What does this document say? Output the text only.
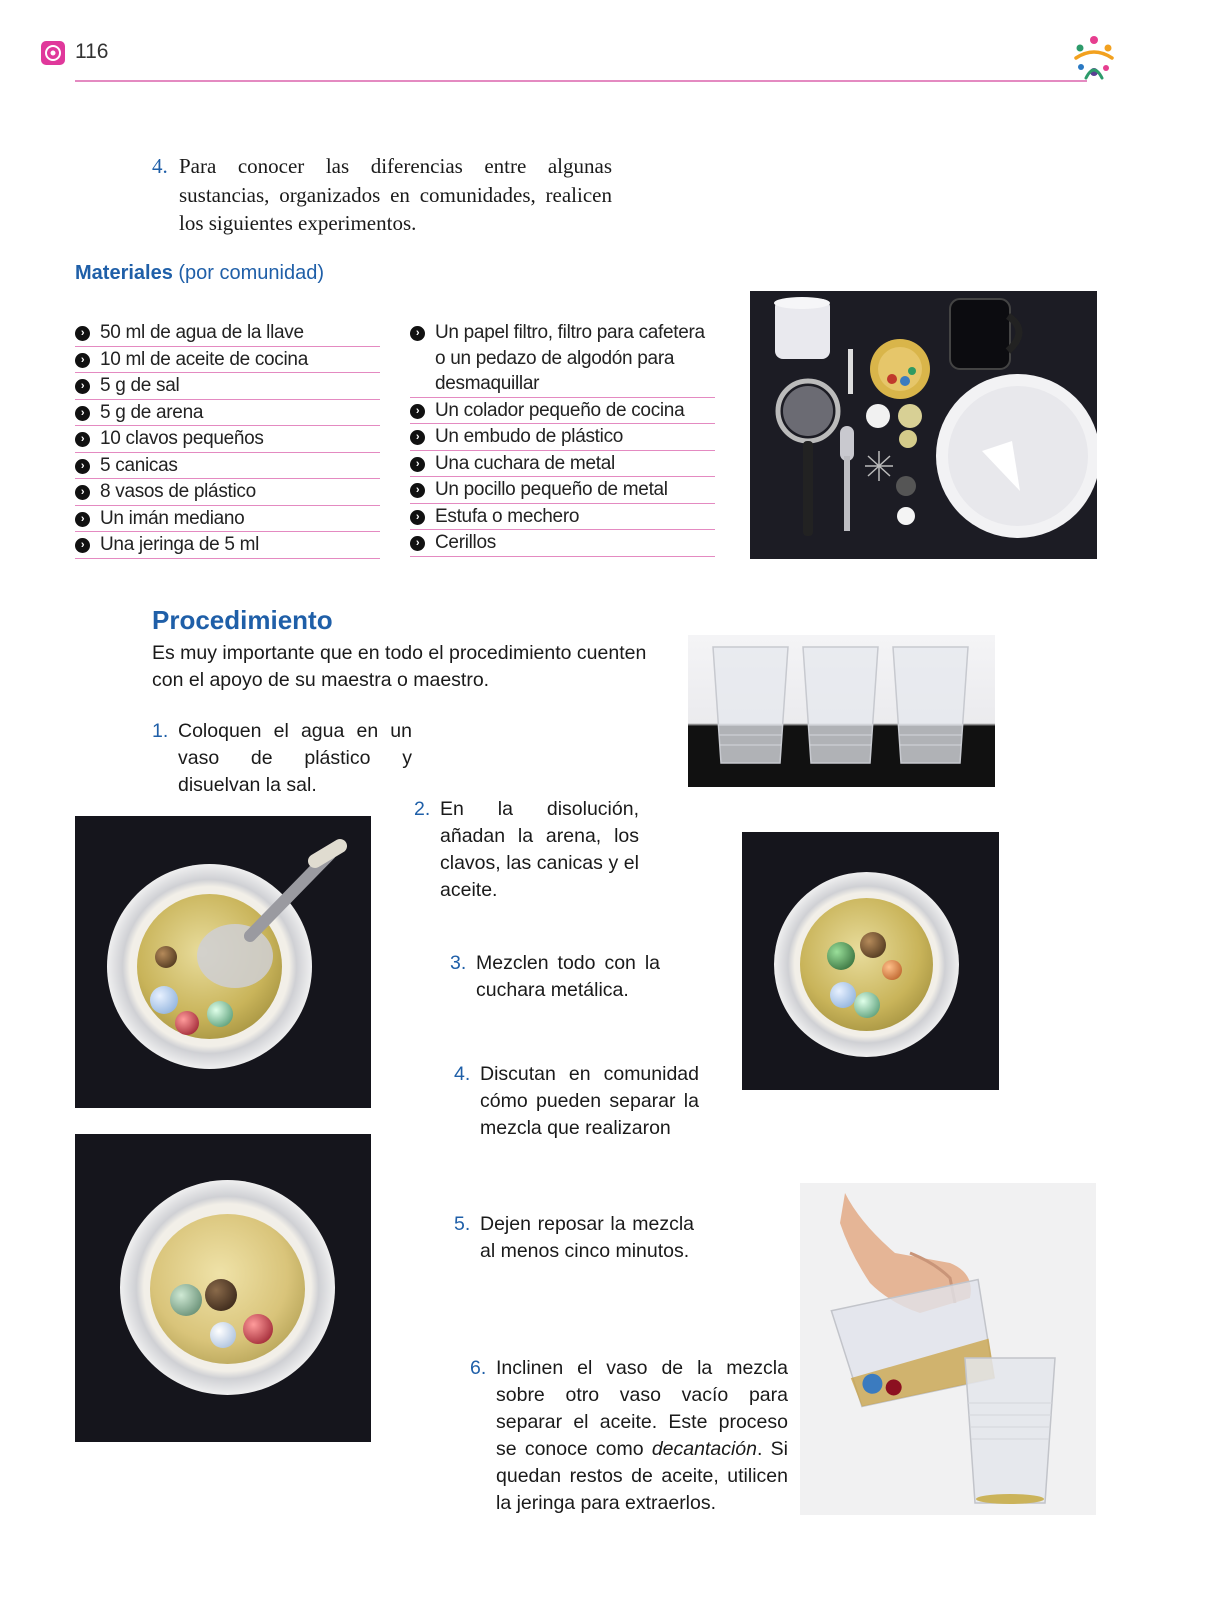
116
4. Para conocer las diferencias entre algunas sustancias, organizados en comunidades, realicen los siguientes experimentos.
Materiales (por comunidad)
› 50 ml de agua de la llave
› 10 ml de aceite de cocina
› 5 g de sal
› 5 g de arena
› 10 clavos pequeños
› 5 canicas
› 8 vasos de plástico
› Un imán mediano
› Una jeringa de 5 ml
› Un papel filtro, filtro para cafetera o un pedazo de algodón para desmaquillar
› Un colador pequeño de cocina
› Un embudo de plástico
› Una cuchara de metal
› Un pocillo pequeño de metal
› Estufa o mechero
› Cerillos
Procedimiento
Es muy importante que en todo el procedimiento cuenten con el apoyo de su maestra o maestro.
1. Coloquen el agua en un vaso de plástico y disuelvan la sal.
2. En la disolución, añadan la arena, los clavos, las canicas y el aceite.
3. Mezclen todo con la cuchara metálica.
4. Discutan en comunidad cómo pueden separar la mezcla que realizaron
5. Dejen reposar la mezcla al menos cinco minutos.
6. Inclinen el vaso de la mezcla sobre otro vaso vacío para separar el aceite. Este proceso se conoce como decantación. Si quedan restos de aceite, utilicen la jeringa para extraerlos.
